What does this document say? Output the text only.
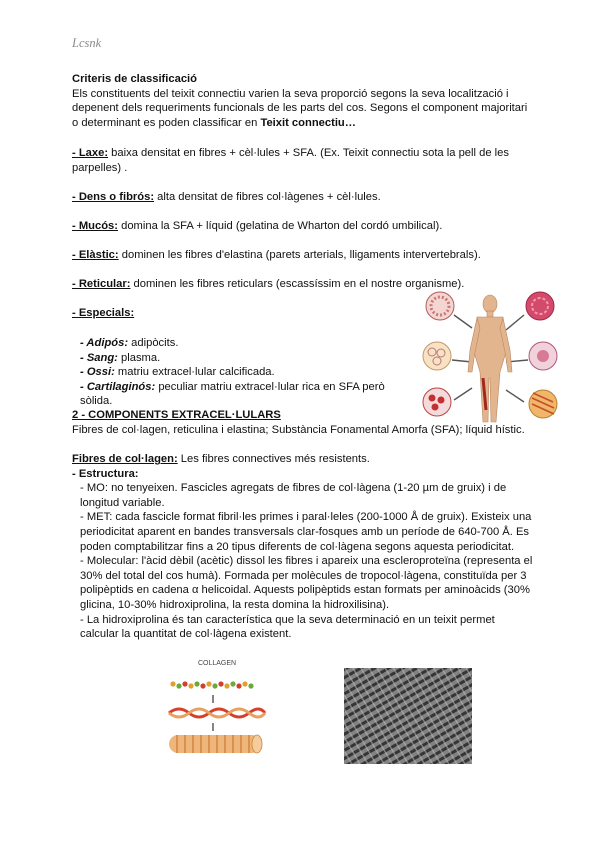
Lcsnk
Criteris de classificació
Els constituents del teixit connectiu varien la seva proporció segons la seva localització i depenent dels requeriments funcionals de les parts del cos. Segons el component majoritari o determinant es poden classificar en Teixit connectiu…
- Laxe: baixa densitat en fibres + cèl·lules + SFA. (Ex. Teixit connectiu sota la pell de les parpelles) .
- Dens o fibrós: alta densitat de fibres col·làgenes + cèl·lules.
- Mucós: domina la SFA + líquid (gelatina de Wharton del cordó umbilical).
- Elàstic: dominen les fibres d'elastina (parets arterials, lligaments intervertebrals).
- Reticular: dominen les fibres reticulars (escassíssim en el nostre organisme).
- Especials:
- Adipós: adipòcits.
- Sang: plasma.
- Ossi: matriu extracel·lular calcificada.
- Cartilaginós: peculiar matriu extracel·lular rica en SFA però sòlida.
2 - COMPONENTS EXTRACEL·LULARS
Fibres de col·lagen, reticulina i elastina; Substància Fonamental Amorfa (SFA); líquid hístic.
Fibres de col·lagen: Les fibres connectives més resistents.
- Estructura:
- MO: no tenyeixen. Fascicles agregats de fibres de col·làgena (1-20 µm de gruix) i de longitud variable.
- MET: cada fascicle format fibril·les primes i paral·leles (200-1000 Å de gruix). Existeix una periodicitat aparent en bandes transversals clar-fosques amb un període de 640-700 Å. Es poden comptabilitzar fins a 20 tipus diferents de col·làgena segons aquesta periodicitat.
- Molecular: l'àcid dèbil (acètic) dissol les fibres i apareix una escleroproteïna (representa el 30% del total del cos humà). Formada per molècules de tropocol·làgena, constituïda per 3 polipèptids en cadena α helicoidal. Aquests polipèptids estan formats per aminoàcids (30% glicina, 10-30% hidroxiprolina, la resta domina la hidroxilisina).
- La hidroxiprolina és tan característica que la seva determinació en un teixit permet calcular la quantitat de col·làgena existent.
COLLAGEN
